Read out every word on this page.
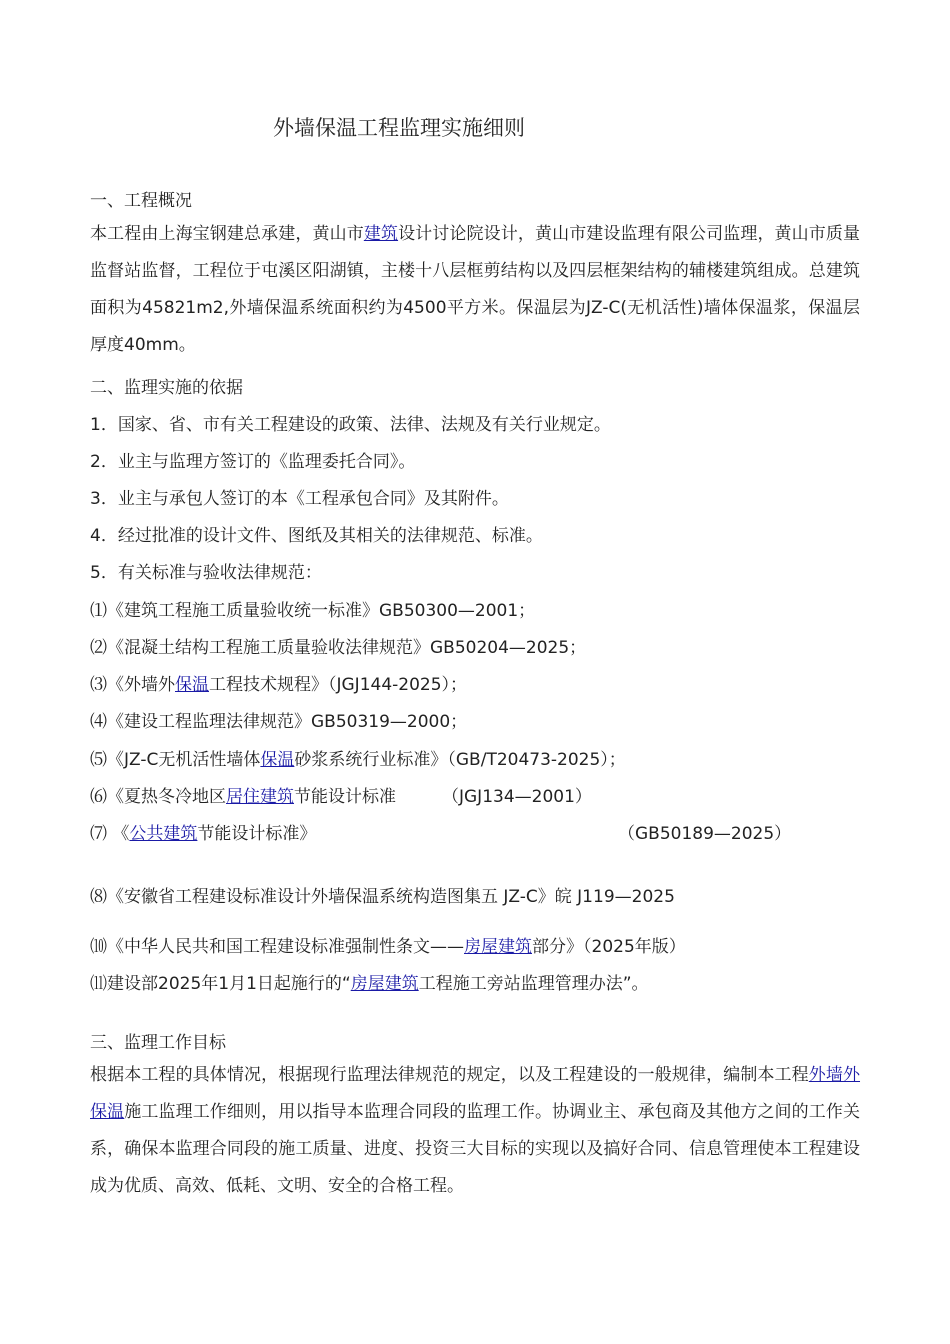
外墙保温工程监理实施细则
一、工程概况
本工程由上海宝钢建总承建，黄山市建筑设计讨论院设计，黄山市建设监理有限公司监理，黄山市质量监督站监督，工程位于屯溪区阳湖镇，主楼十八层框剪结构以及四层框架结构的辅楼建筑组成。总建筑面积为45821m2,外墙保温系统面积约为4500平方米。保温层为JZ-C(无机活性)墙体保温浆，保温层厚度40mm。
二、监理实施的依据
1．国家、省、市有关工程建设的政策、法律、法规及有关行业规定。
2．业主与监理方签订的《监理委托合同》。
3．业主与承包人签订的本《工程承包合同》及其附件。
4．经过批准的设计文件、图纸及其相关的法律规范、标准。
5．有关标准与验收法律规范：
⑴《建筑工程施工质量验收统一标准》GB50300—2001；
⑵《混凝土结构工程施工质量验收法律规范》GB50204—2025；
⑶《外墙外保温工程技术规程》（JGJ144-2025）；
⑷《建设工程监理法律规范》GB50319—2000；
⑸《JZ-C无机活性墙体保温砂浆系统行业标准》（GB/T20473-2025）；
⑹《夏热冬冷地区居住建筑节能设计标准	（JGJ134—2001）
⑺ 《公共建筑节能设计标准》	（GB50189—2025）
⑻《安徽省工程建设标准设计外墙保温系统构造图集五 JZ-C》皖 J119—2025
⑽《中华人民共和国工程建设标准强制性条文——房屋建筑部分》（2025年版）
⑾建设部2025年1月1日起施行的“房屋建筑工程施工旁站监理管理办法”。
三、监理工作目标
根据本工程的具体情况，根据现行监理法律规范的规定，以及工程建设的一般规律，编制本工程外墙外保温施工监理工作细则，用以指导本监理合同段的监理工作。协调业主、承包商及其他方之间的工作关系，确保本监理合同段的施工质量、进度、投资三大目标的实现以及搞好合同、信息管理使本工程建设成为优质、高效、低耗、文明、安全的合格工程。
